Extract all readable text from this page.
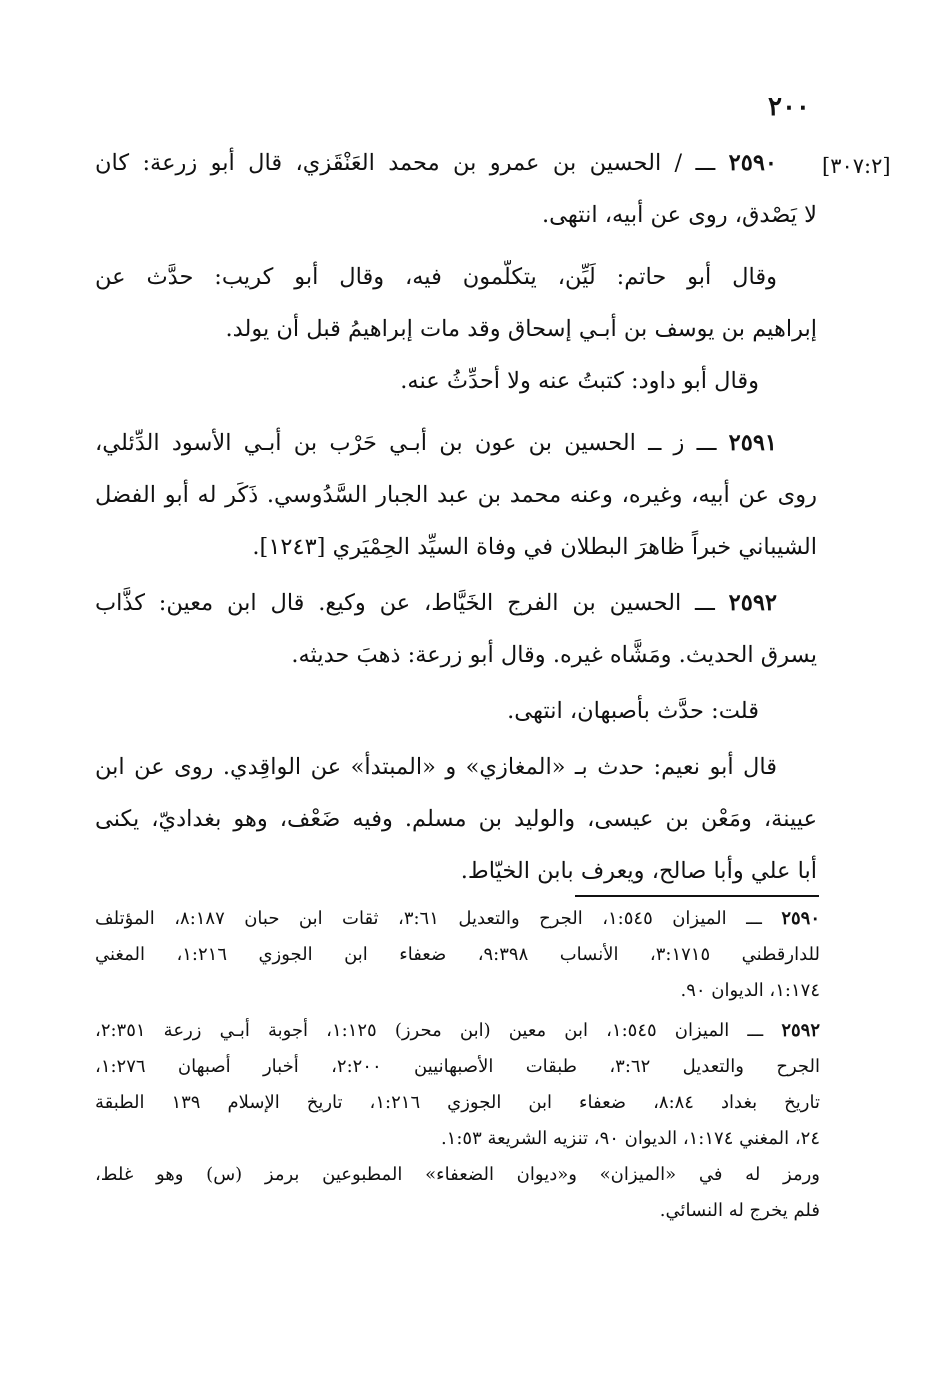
٢٠٠
[٣٠٧:٢]
٢٥٩٠ ـــ / الحسين بن عمرو بن محمد العَنْقَزي، قال أبو زرعة: كان
لا يَصْدق، روى عن أبيه، انتهى.
وقال أبو حاتم: لَيِّن، يتكلَّمون فيه، وقال أبو كريب: حدَّث عن
إبراهيم بن يوسف بن أبـي إسحاق وقد مات إبراهيمُ قبل أن يولد.
وقال أبو داود: كتبتُ عنه ولا أحدِّثُ عنه.
٢٥٩١ ـــ ز ــ الحسين بن عون بن أبـي حَرْب بن أبـي الأسود الدِّئلي،
روى عن أبيه، وغيره، وعنه محمد بن عبد الجبار السَّدُوسي. ذَكَر له أبو الفضل
الشيباني خبراً ظاهرَ البطلان في وفاة السيِّد الحِمْيَري [١٢٤٣].
٢٥٩٢ ـــ الحسين بن الفرج الخَيَّاط، عن وكيع. قال ابن معين: كذَّاب
يسرق الحديث. ومَشَّاه غيره. وقال أبو زرعة: ذهبَ حديثه.
قلت: حدَّث بأصبهان، انتهى.
قال أبو نعيم: حدث بـ «المغازي» و «المبتدأ» عن الواقِدي. روى عن ابن
عيينة، ومَعْن بن عيسى، والوليد بن مسلم. وفيه ضَعْف، وهو بغداديّ، يكنى
أبا علي وأبا صالح، ويعرف بابن الخيّاط.
٢٥٩٠ ـــ الميزان ١:٥٤٥، الجرح والتعديل ٣:٦١، ثقات ابن حبان ٨:١٨٧، المؤتلف
للدارقطني ٣:١٧١٥، الأنساب ٩:٣٩٨، ضعفاء ابن الجوزي ١:٢١٦، المغني
١:١٧٤، الديوان ٩٠.
٢٥٩٢ ـــ الميزان ١:٥٤٥، ابن معين (ابن محرز) ١:١٢٥، أجوبة أبـي زرعة ٢:٣٥١،
الجرح والتعديل ٣:٦٢، طبقات الأصبهانيين ٢:٢٠٠، أخبار أصبهان ١:٢٧٦،
تاريخ بغداد ٨:٨٤، ضعفاء ابن الجوزي ١:٢١٦، تاريخ الإسلام ١٣٩ الطبقة
٢٤، المغني ١:١٧٤، الديوان ٩٠، تنزيه الشريعة ١:٥٣.
ورمز له في «الميزان» و«ديوان الضعفاء» المطبوعين برمز (س) وهو غلط،
فلم يخرج له النسائي.
